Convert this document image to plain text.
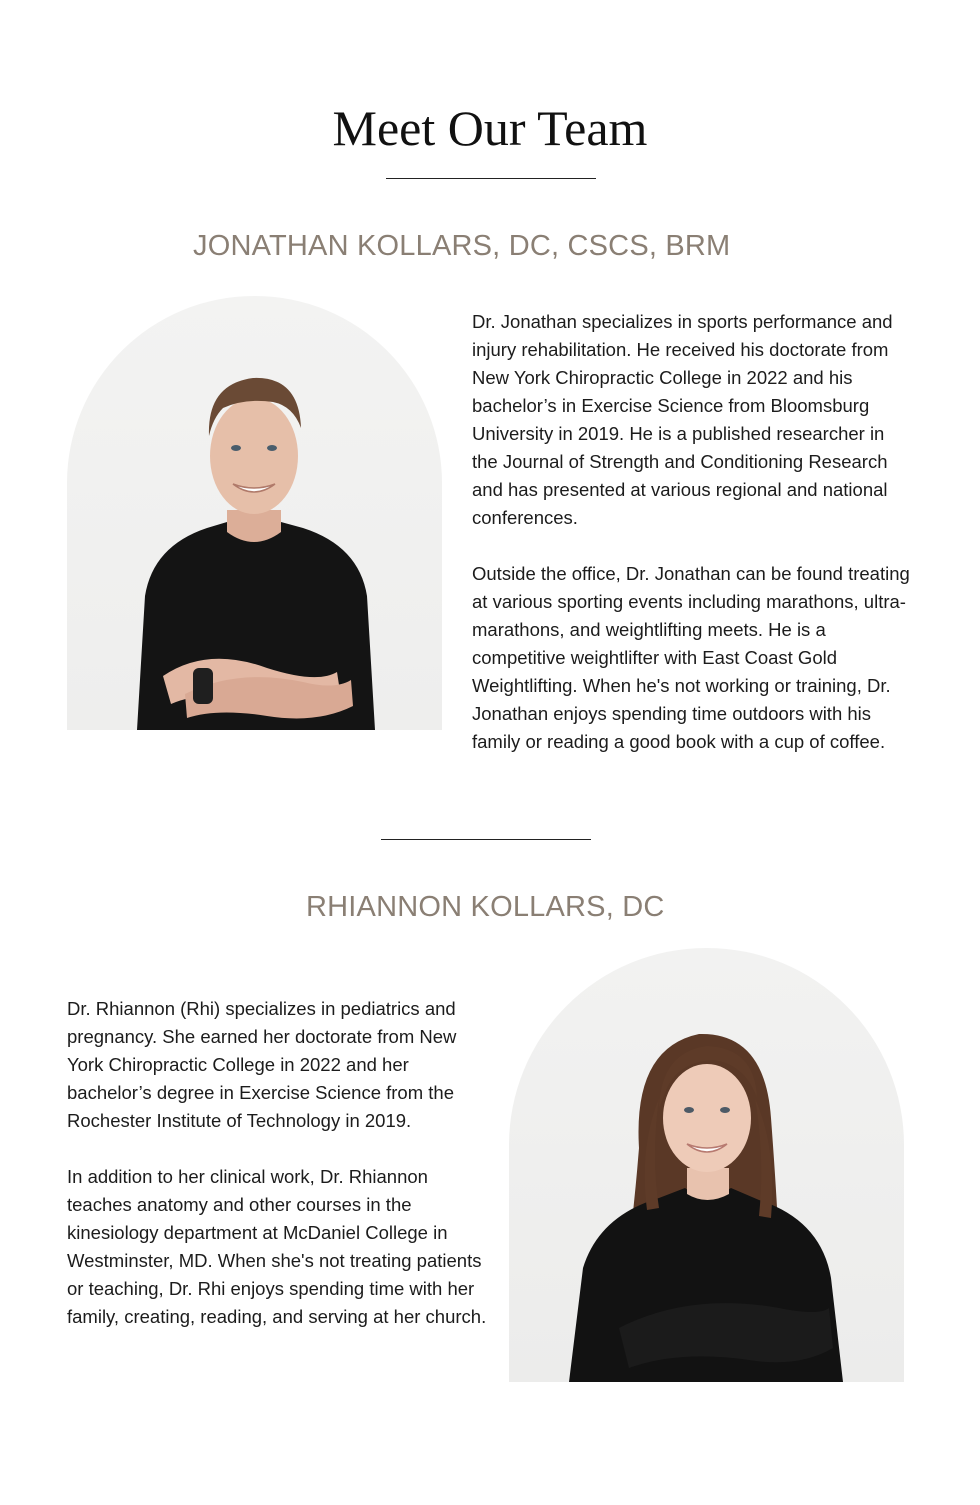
Meet Our Team
JONATHAN KOLLARS, DC, CSCS, BRM

Dr. Jonathan specializes in sports performance and injury rehabilitation. He received his doctorate from New York Chiropractic College in 2022 and his bachelor’s in Exercise Science from Bloomsburg University in 2019. He is a published researcher in the Journal of Strength and Conditioning Research and has presented at various regional and national conferences.

Outside the office, Dr. Jonathan can be found treating at various sporting events including marathons, ultra-marathons, and weightlifting meets. He is a competitive weightlifter with East Coast Gold Weightlifting. When he's not working or training, Dr. Jonathan enjoys spending time outdoors with his family or reading a good book with a cup of coffee.

RHIANNON KOLLARS, DC

Dr. Rhiannon (Rhi) specializes in pediatrics and pregnancy. She earned her doctorate from New York Chiropractic College in 2022 and her bachelor’s degree in Exercise Science from the Rochester Institute of Technology in 2019.

In addition to her clinical work, Dr. Rhiannon teaches anatomy and other courses in the kinesiology department at McDaniel College in Westminster, MD. When she's not treating patients or teaching, Dr. Rhi enjoys spending time with her family, creating, reading, and serving at her church.
